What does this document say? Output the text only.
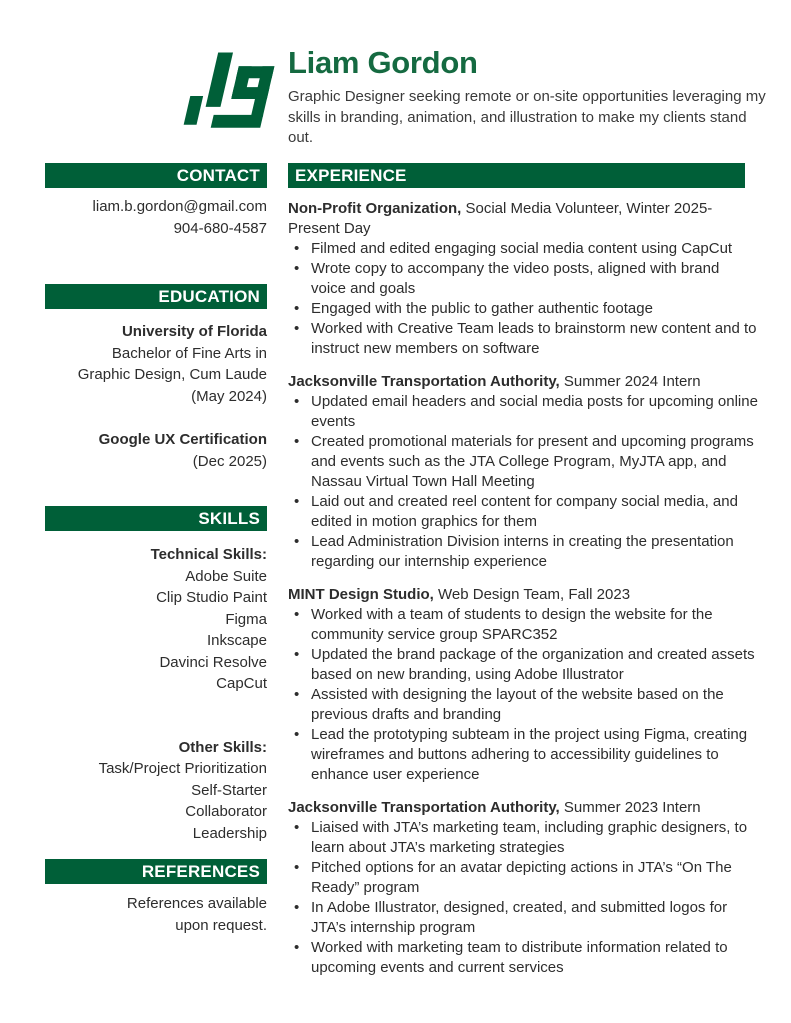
Liam Gordon

Graphic Designer seeking remote or on-site opportunities leveraging my skills in branding, animation, and illustration to make my clients stand out.

CONTACT
liam.b.gordon@gmail.com
904-680-4587
EDUCATION
University of Florida
Bachelor of Fine Arts in
Graphic Design, Cum Laude
(May 2024)
Google UX Certification
(Dec 2025)
SKILLS
Technical Skills:
Adobe Suite
Clip Studio Paint
Figma
Inkscape
Davinci Resolve
CapCut
Other Skills:
Task/Project Prioritization
Self-Starter
Collaborator
Leadership
REFERENCES
References available
upon request.
EXPERIENCE
Non-Profit Organization, Social Media Volunteer, Winter 2025-Present Day
• Filmed and edited engaging social media content using CapCut
• Wrote copy to accompany the video posts, aligned with brand voice and goals
• Engaged with the public to gather authentic footage
• Worked with Creative Team leads to brainstorm new content and to instruct new members on software
Jacksonville Transportation Authority, Summer 2024 Intern
• Updated email headers and social media posts for upcoming online events
• Created promotional materials for present and upcoming programs and events such as the JTA College Program, MyJTA app, and Nassau Virtual Town Hall Meeting
• Laid out and created reel content for company social media, and edited in motion graphics for them
• Lead Administration Division interns in creating the presentation regarding our internship experience
MINT Design Studio, Web Design Team, Fall 2023
• Worked with a team of students to design the website for the community service group SPARC352
• Updated the brand package of the organization and created assets based on new branding, using Adobe Illustrator
• Assisted with designing the layout of the website based on the previous drafts and branding
• Lead the prototyping subteam in the project using Figma, creating wireframes and buttons adhering to accessibility guidelines to enhance user experience
Jacksonville Transportation Authority, Summer 2023 Intern
• Liaised with JTA’s marketing team, including graphic designers, to learn about JTA’s marketing strategies
• Pitched options for an avatar depicting actions in JTA’s “On The Ready” program
• In Adobe Illustrator, designed, created, and submitted logos for JTA’s internship program
• Worked with marketing team to distribute information related to upcoming events and current services
